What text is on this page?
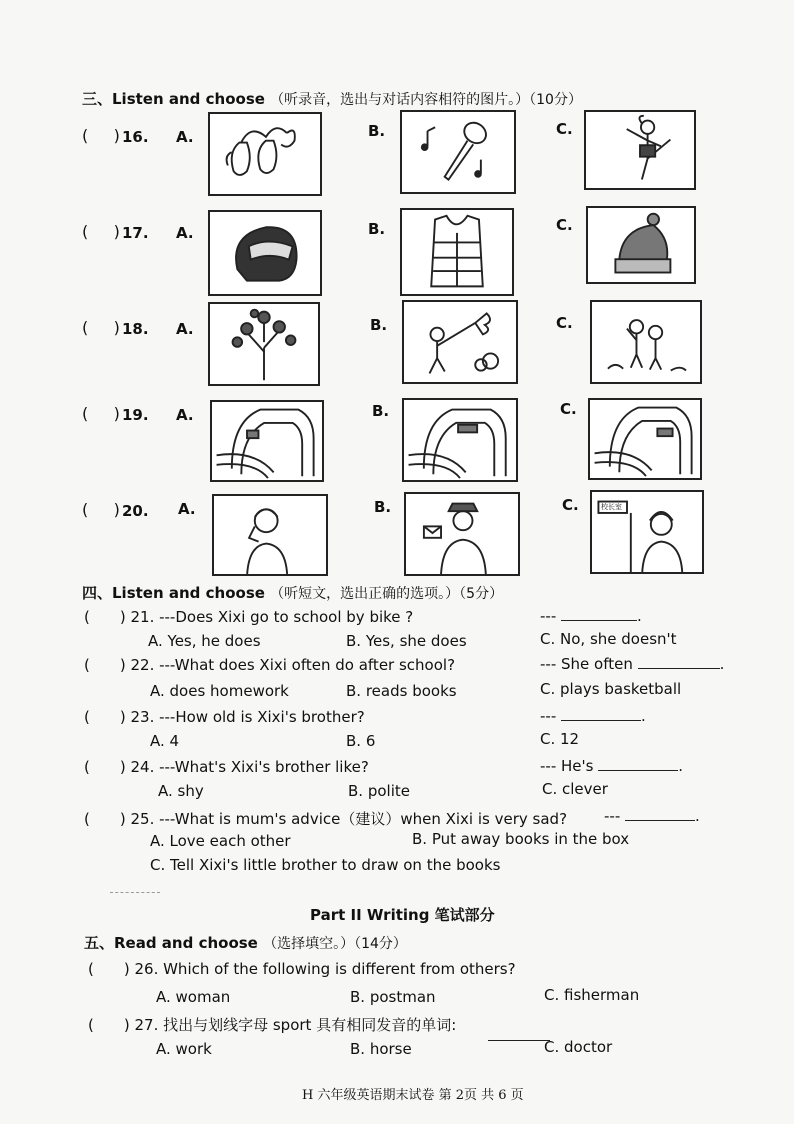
三、Listen and choose （听录音，选出与对话内容相符的图片。）（10分）
(     ) 16. A.	B.	C.
(     ) 17. A.	B.	C.
(     ) 18. A.	B.	C.
(     ) 19. A.	B.	C.
(     ) 20. A.	B.	C.	校长室
四、Listen and choose （听短文，选出正确的选项。）（5分）
( ) 21. ---Does Xixi go to school by bike ?	---	.
A. Yes, he does	B. Yes, she does	C. No, she doesn't
( ) 22. ---What does Xixi often do after school?	--- She often	.
A. does homework	B. reads books	C. plays basketball
( ) 23. ---How old is Xixi's brother?	---	.
A. 4	B. 6	C. 12
( ) 24. ---What's Xixi's brother like?	--- He's	.
A. shy	B. polite	C. clever
( ) 25. ---What is mum's advice（建议）when Xixi is very sad? ---	.
A. Love each other	B. Put away books in the box
C. Tell Xixi's little brother to draw on the books
Part II Writing 笔试部分
五、Read and choose （选择填空。）（14分）
( ) 26. Which of the following is different from others?
A. woman	B. postman	C. fisherman
( ) 27. 找出与划线字母 sport 具有相同发音的单词:
A. work	B. horse	C. doctor
H 六年级英语期末试卷 第 2页 共 6 页
